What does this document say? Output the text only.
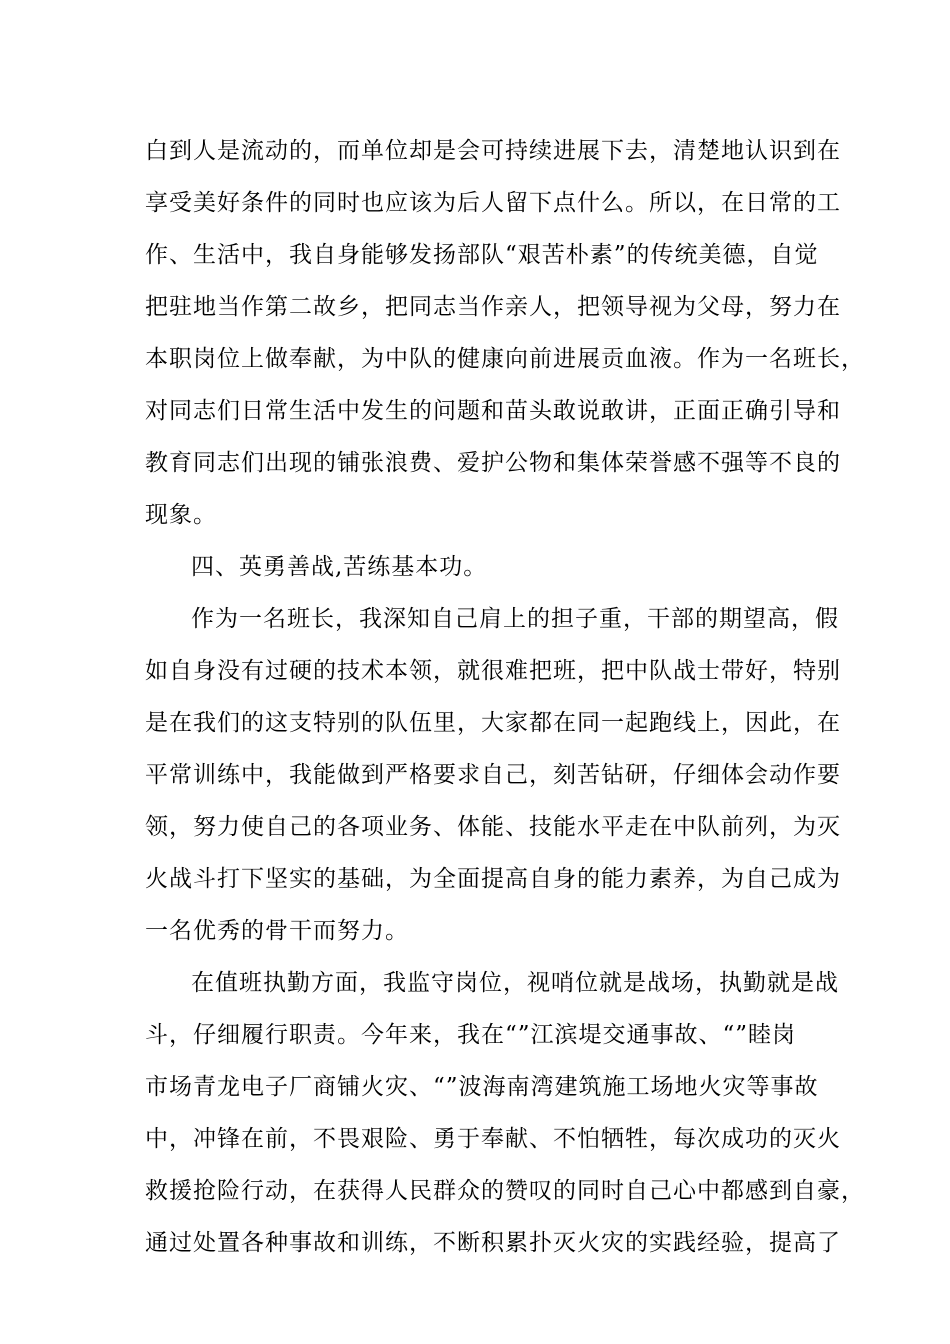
白到人是流动的，而单位却是会可持续进展下去，清楚地认识到在
享受美好条件的同时也应该为后人留下点什么。所以，在日常的工
作、生活中，我自身能够发扬部队“艰苦朴素”的传统美德，自觉
把驻地当作第二故乡，把同志当作亲人，把领导视为父母，努力在
本职岗位上做奉献，为中队的健康向前进展贡血液。作为一名班长，
对同志们日常生活中发生的问题和苗头敢说敢讲，正面正确引导和
教育同志们出现的铺张浪费、爱护公物和集体荣誉感不强等不良的
现象。
四、英勇善战,苦练基本功。
作为一名班长，我深知自己肩上的担子重，干部的期望高，假
如自身没有过硬的技术本领，就很难把班，把中队战士带好，特别
是在我们的这支特别的队伍里，大家都在同一起跑线上，因此，在
平常训练中，我能做到严格要求自己，刻苦钻研，仔细体会动作要
领，努力使自己的各项业务、体能、技能水平走在中队前列，为灭
火战斗打下坚实的基础，为全面提高自身的能力素养，为自己成为
一名优秀的骨干而努力。
在值班执勤方面，我监守岗位，视哨位就是战场，执勤就是战
斗，仔细履行职责。今年来，我在“”江滨堤交通事故、“”睦岗
市场青龙电子厂商铺火灾、“”波海南湾建筑施工场地火灾等事故
中，冲锋在前，不畏艰险、勇于奉献、不怕牺牲，每次成功的灭火
救援抢险行动，在获得人民群众的赞叹的同时自己心中都感到自豪，
通过处置各种事故和训练，不断积累扑灭火灾的实践经验，提高了
